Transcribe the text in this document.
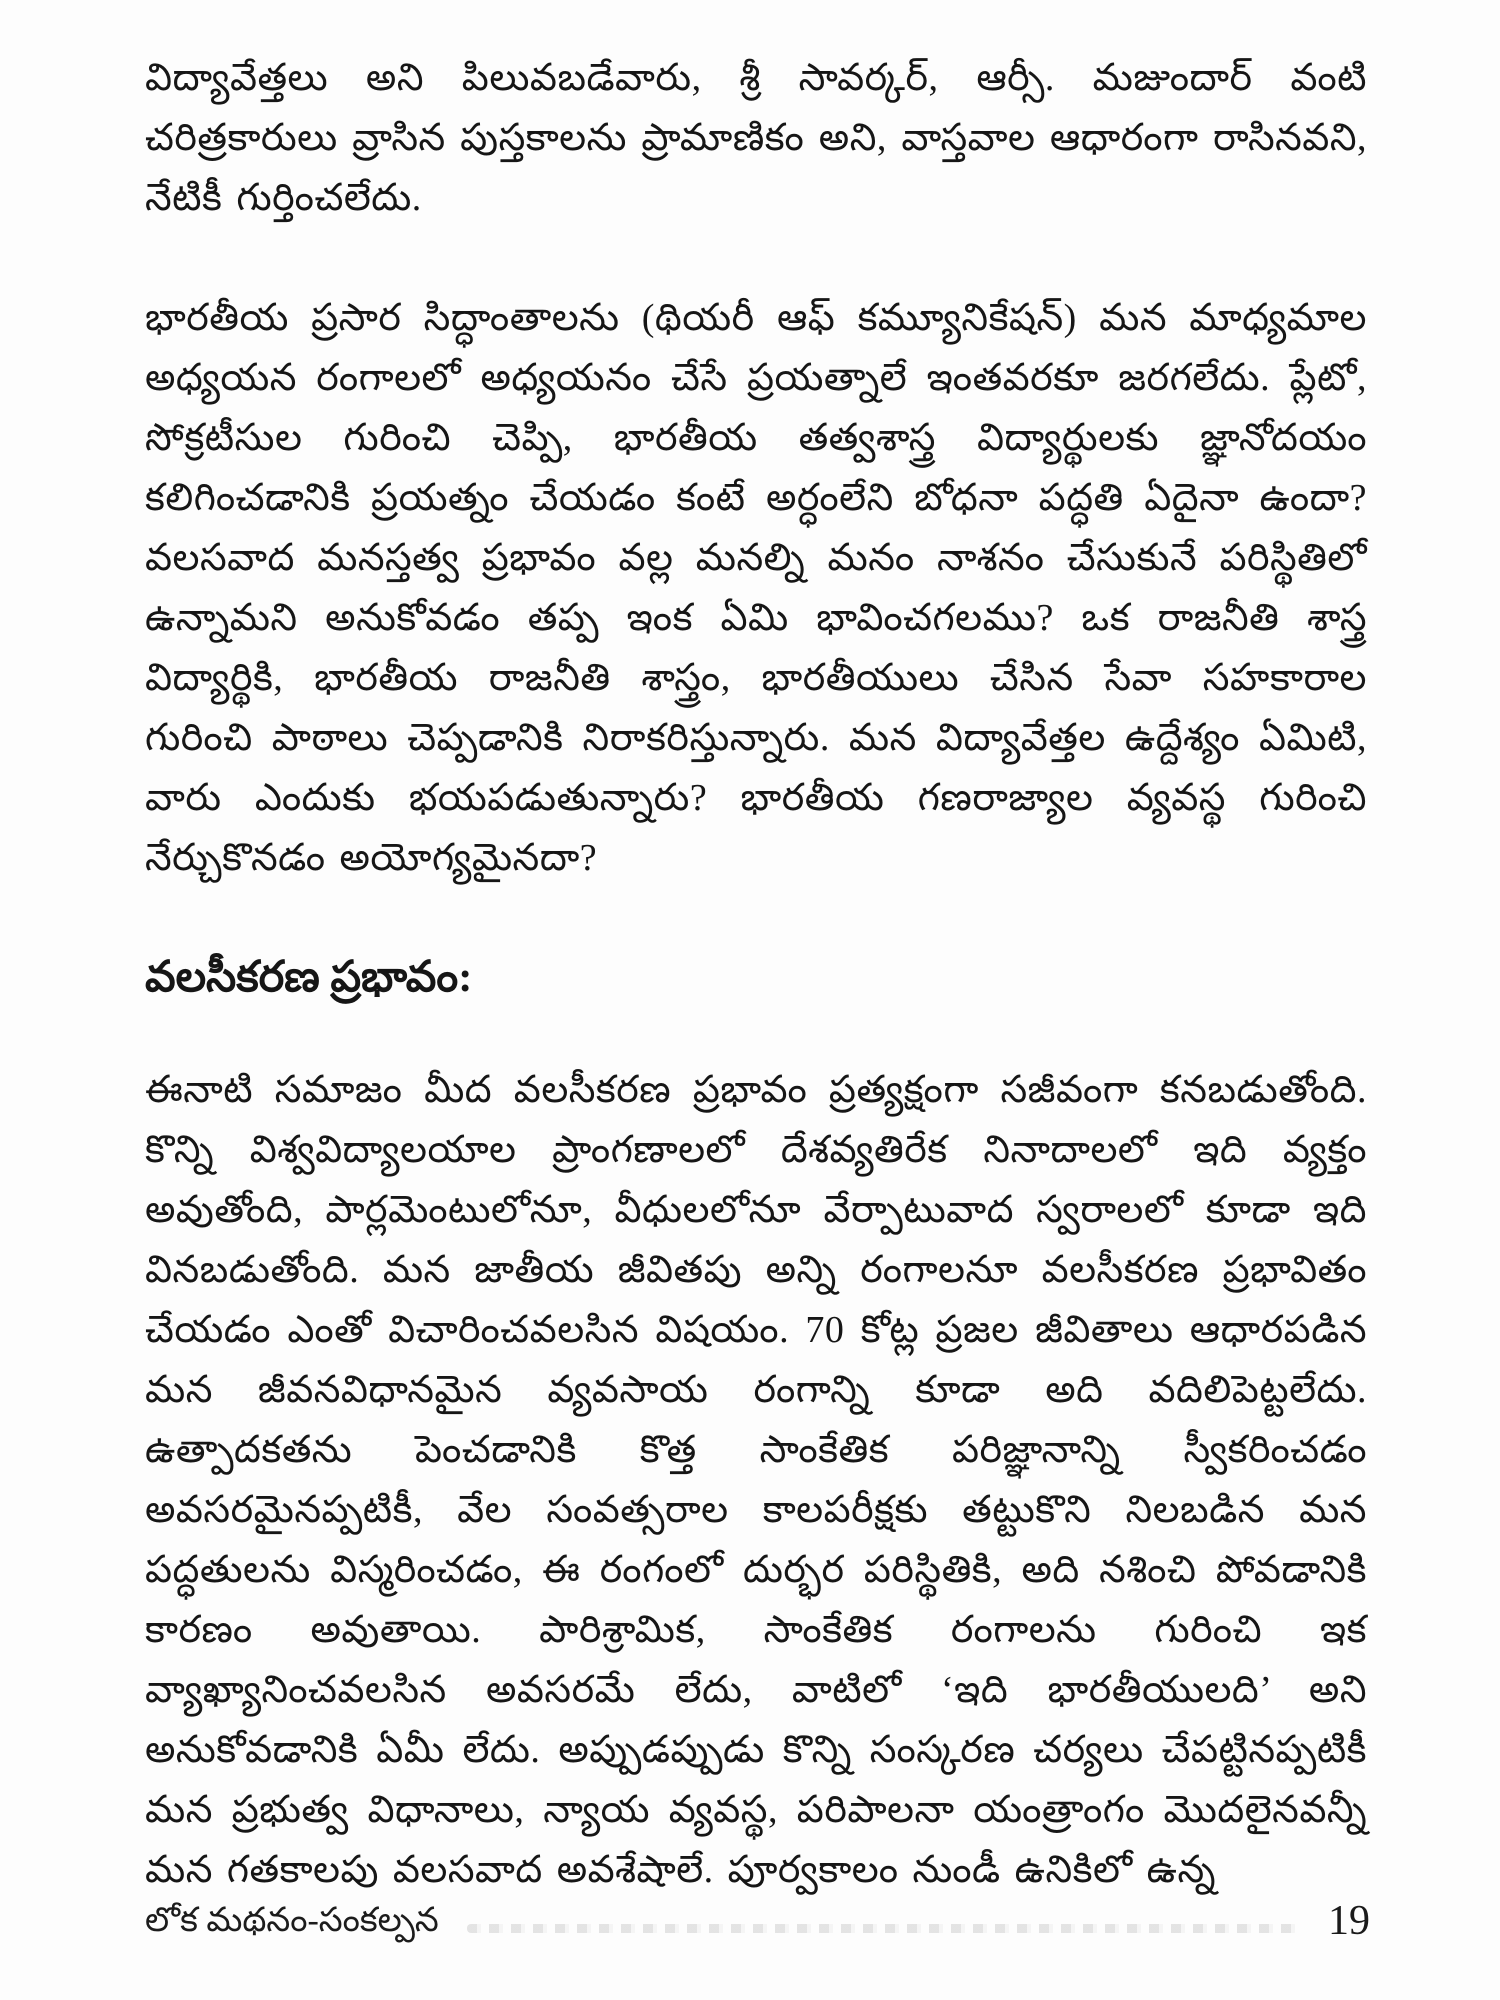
విద్యావేత్తలు అని పిలువబడేవారు, శ్రీ సావర్కర్, ఆర్సీ. మజుందార్ వంటి చరిత్రకారులు వ్రాసిన పుస్తకాలను ప్రామాణికం అని, వాస్తవాల ఆధారంగా రాసినవని, నేటికీ గుర్తించలేదు.

భారతీయ ప్రసార సిద్ధాంతాలను (థియరీ ఆఫ్ కమ్యూనికేషన్) మన మాధ్యమాల అధ్యయన రంగాలలో అధ్యయనం చేసే ప్రయత్నాలే ఇంతవరకూ జరగలేదు. ప్లేటో, సోక్రటీసుల గురించి చెప్పి, భారతీయ తత్వశాస్త్ర విద్యార్థులకు జ్ఞానోదయం కలిగించడానికి ప్రయత్నం చేయడం కంటే అర్ధంలేని బోధనా పద్ధతి ఏదైనా ఉందా? వలసవాద మనస్తత్వ ప్రభావం వల్ల మనల్ని మనం నాశనం చేసుకునే పరిస్థితిలో ఉన్నామని అనుకోవడం తప్ప ఇంక ఏమి భావించగలము? ఒక రాజనీతి శాస్త్ర విద్యార్థికి, భారతీయ రాజనీతి శాస్త్రం, భారతీయులు చేసిన సేవా సహకారాల గురించి పాఠాలు చెప్పడానికి నిరాకరిస్తున్నారు. మన విద్యావేత్తల ఉద్దేశ్యం ఏమిటి, వారు ఎందుకు భయపడుతున్నారు? భారతీయ గణరాజ్యాల వ్యవస్థ గురించి నేర్చుకొనడం అయోగ్యమైనదా?

వలసీకరణ ప్రభావం:

ఈనాటి సమాజం మీద వలసీకరణ ప్రభావం ప్రత్యక్షంగా సజీవంగా కనబడుతోంది. కొన్ని విశ్వవిద్యాలయాల ప్రాంగణాలలో దేశవ్యతిరేక నినాదాలలో ఇది వ్యక్తం అవుతోంది, పార్లమెంటులోనూ, వీధులలోనూ వేర్పాటువాద స్వరాలలో కూడా ఇది వినబడుతోంది. మన జాతీయ జీవితపు అన్ని రంగాలనూ వలసీకరణ ప్రభావితం చేయడం ఎంతో విచారించవలసిన విషయం. 70 కోట్ల ప్రజల జీవితాలు ఆధారపడిన మన జీవనవిధానమైన వ్యవసాయ రంగాన్ని కూడా అది వదిలిపెట్టలేదు. ఉత్పాదకతను పెంచడానికి కొత్త సాంకేతిక పరిజ్ఞానాన్ని స్వీకరించడం అవసరమైనప్పటికీ, వేల సంవత్సరాల కాలపరీక్షకు తట్టుకొని నిలబడిన మన పద్ధతులను విస్మరించడం, ఈ రంగంలో దుర్భర పరిస్థితికి, అది నశించి పోవడానికి కారణం అవుతాయి. పారిశ్రామిక, సాంకేతిక రంగాలను గురించి ఇక వ్యాఖ్యానించవలసిన అవసరమే లేదు, వాటిలో ‘ఇది భారతీయులది’ అని అనుకోవడానికి ఏమీ లేదు. అప్పుడప్పుడు కొన్ని సంస్కరణ చర్యలు చేపట్టినప్పటికీ మన ప్రభుత్వ విధానాలు, న్యాయ వ్యవస్థ, పరిపాలనా యంత్రాంగం మొదలైనవన్నీ మన గతకాలపు వలసవాద అవశేషాలే. పూర్వకాలం నుండీ ఉనికిలో ఉన్న

లోక మథనం-సంకల్పన	19
